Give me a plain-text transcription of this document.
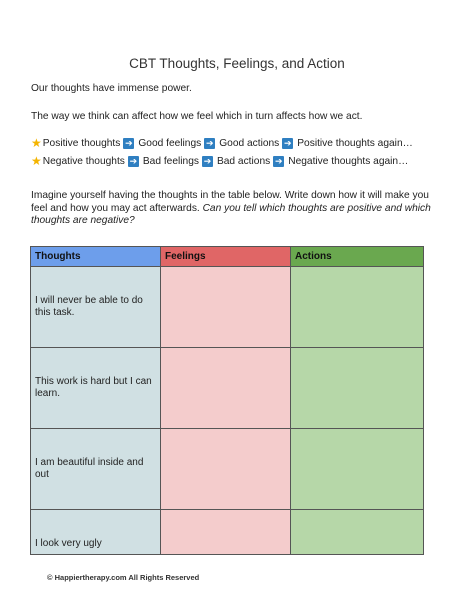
CBT Thoughts, Feelings, and Action
Our thoughts have immense power.
The way we think can affect how we feel which in turn affects how we act.
★ Positive thoughts ➔ Good feelings ➔ Good actions ➔ Positive thoughts again…
★ Negative thoughts ➔ Bad feelings ➔ Bad actions ➔ Negative thoughts again…
Imagine yourself having the thoughts in the table below. Write down how it will make you feel and how you may act afterwards. Can you tell which thoughts are positive and which thoughts are negative?
Thoughts	Feelings	Actions
I will never be able to do this task.		
This work is hard but I can learn.		
I am beautiful inside and out		
I look very ugly		
© Happiertherapy.com All Rights Reserved
